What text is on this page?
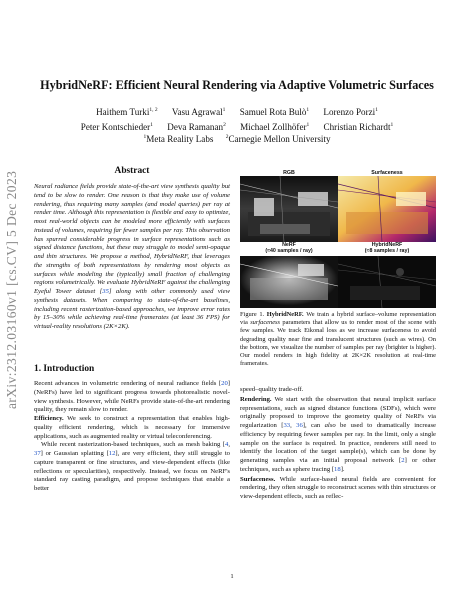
arXiv:2312.03160v1 [cs.CV] 5 Dec 2023
HybridNeRF: Efficient Neural Rendering via Adaptive Volumetric Surfaces
Haithem Turki$^{1, 2}$ Vasu Agrawal$^1$ Samuel Rota Bulò$^1$ Lorenzo Porzi$^1$
Peter Kontschieder$^1$ Deva Ramanan$^2$ Michael Zollhöfer$^1$ Christian Richardt$^1$
$^1$Meta Reality Labs $^2$Carnegie Mellon University
Abstract
Neural radiance fields provide state-of-the-art view synthesis quality but tend to be slow to render. One reason is that they make use of volume rendering, thus requiring many samples (and model queries) per ray at render time. Although this representation is flexible and easy to optimize, most real-world objects can be modeled more efficiently with surfaces instead of volumes, requiring far fewer samples per ray. This observation has spurred considerable progress in surface representations such as signed distance functions, but these may struggle to model semi-opaque and thin structures. We propose a method, HybridNeRF, that leverages the strengths of both representations by rendering most objects as surfaces while modeling the (typically) small fraction of challenging regions volumetrically. We evaluate HybridNeRF against the challenging Eyeful Tower dataset [35] along with other commonly used view synthesis datasets. When comparing to state-of-the-art baselines, including recent rasterization-based approaches, we improve error rates by 15–30% while achieving real-time framerates (at least 36 FPS) for virtual-reality resolutions (2K×2K).
1. Introduction

Recent advances in volumetric rendering of neural radiance fields [20] (NeRFs) have led to significant progress towards photorealistic novel-view synthesis. However, while NeRFs provide state-of-the-art rendering quality, they remain slow to render.

Efficiency. We seek to construct a representation that enables high-quality efficient rendering, which is necessary for immersive applications, such as augmented reality or virtual teleconferencing.

While recent rasterization-based techniques, such as mesh baking [4, 37] or Gaussian splatting [12], are very efficient, they still struggle to capture transparent or fine structures, and view-dependent effects (like reflections or specularities), respectively. Instead, we focus on NeRF's standard ray casting paradigm, and propose techniques that enable a better

RGB	Surfaceness
NeRF
(≈40 samples / ray)
HybridNeRF
(≈8 samples / ray)
Figure 1. HybridNeRF. We train a hybrid surface–volume representation via surfaceness parameters that allow us to render most of the scene with few samples. We track Eikonal loss as we increase surfaceness to avoid degrading quality near fine and translucent structures (such as wires). On the bottom, we visualize the number of samples per ray (brighter is higher). Our model renders in high fidelity at 2K×2K resolution at real-time framerates.

speed–quality trade-off.

Rendering. We start with the observation that neural implicit surface representations, such as signed distance functions (SDFs), which were originally proposed to improve the geometry quality of NeRFs via regularization [33, 36], can also be used to dramatically increase efficiency by requiring fewer samples per ray. In the limit, only a single sample on the surface is required. In practice, renderers still need to identify the location of the target sample(s), which can be done by generating samples via an initial proposal network [2] or other techniques, such as sphere tracing [18].

Surfaceness. While surface-based neural fields are convenient for rendering, they often struggle to reconstruct scenes with thin structures or view-dependent effects, such as reflec-

1
